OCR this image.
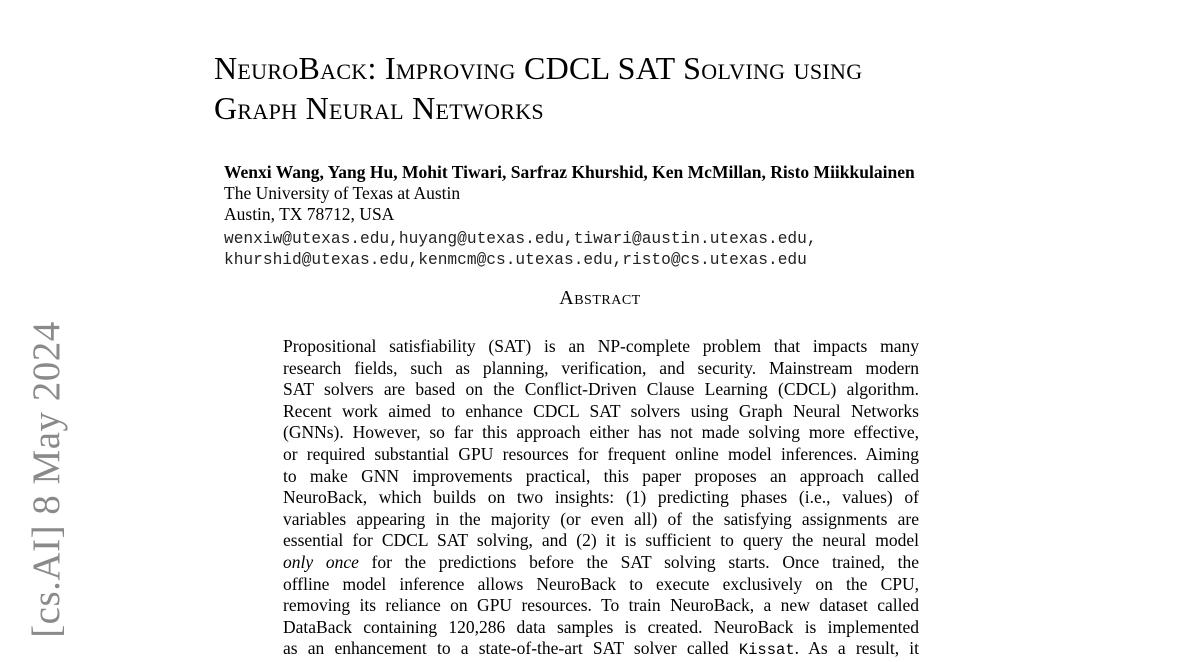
[cs.AI] 8 May 2024
NeuroBack: Improving CDCL SAT Solving using
Graph Neural Networks
Wenxi Wang, Yang Hu, Mohit Tiwari, Sarfraz Khurshid, Ken McMillan, Risto Miikkulainen
The University of Texas at Austin
Austin, TX 78712, USA
wenxiw@utexas.edu,huyang@utexas.edu,tiwari@austin.utexas.edu,
khurshid@utexas.edu,kenmcm@cs.utexas.edu,risto@cs.utexas.edu
Abstract
Propositional satisfiability (SAT) is an NP-complete problem that impacts many
research fields, such as planning, verification, and security. Mainstream modern
SAT solvers are based on the Conflict-Driven Clause Learning (CDCL) algorithm.
Recent work aimed to enhance CDCL SAT solvers using Graph Neural Networks
(GNNs). However, so far this approach either has not made solving more effective,
or required substantial GPU resources for frequent online model inferences. Aiming
to make GNN improvements practical, this paper proposes an approach called
NeuroBack, which builds on two insights: (1) predicting phases (i.e., values) of
variables appearing in the majority (or even all) of the satisfying assignments are
essential for CDCL SAT solving, and (2) it is sufficient to query the neural model
only once for the predictions before the SAT solving starts. Once trained, the
offline model inference allows NeuroBack to execute exclusively on the CPU,
removing its reliance on GPU resources. To train NeuroBack, a new dataset called
DataBack containing 120,286 data samples is created. NeuroBack is implemented
as an enhancement to a state-of-the-art SAT solver called Kissat. As a result, it
